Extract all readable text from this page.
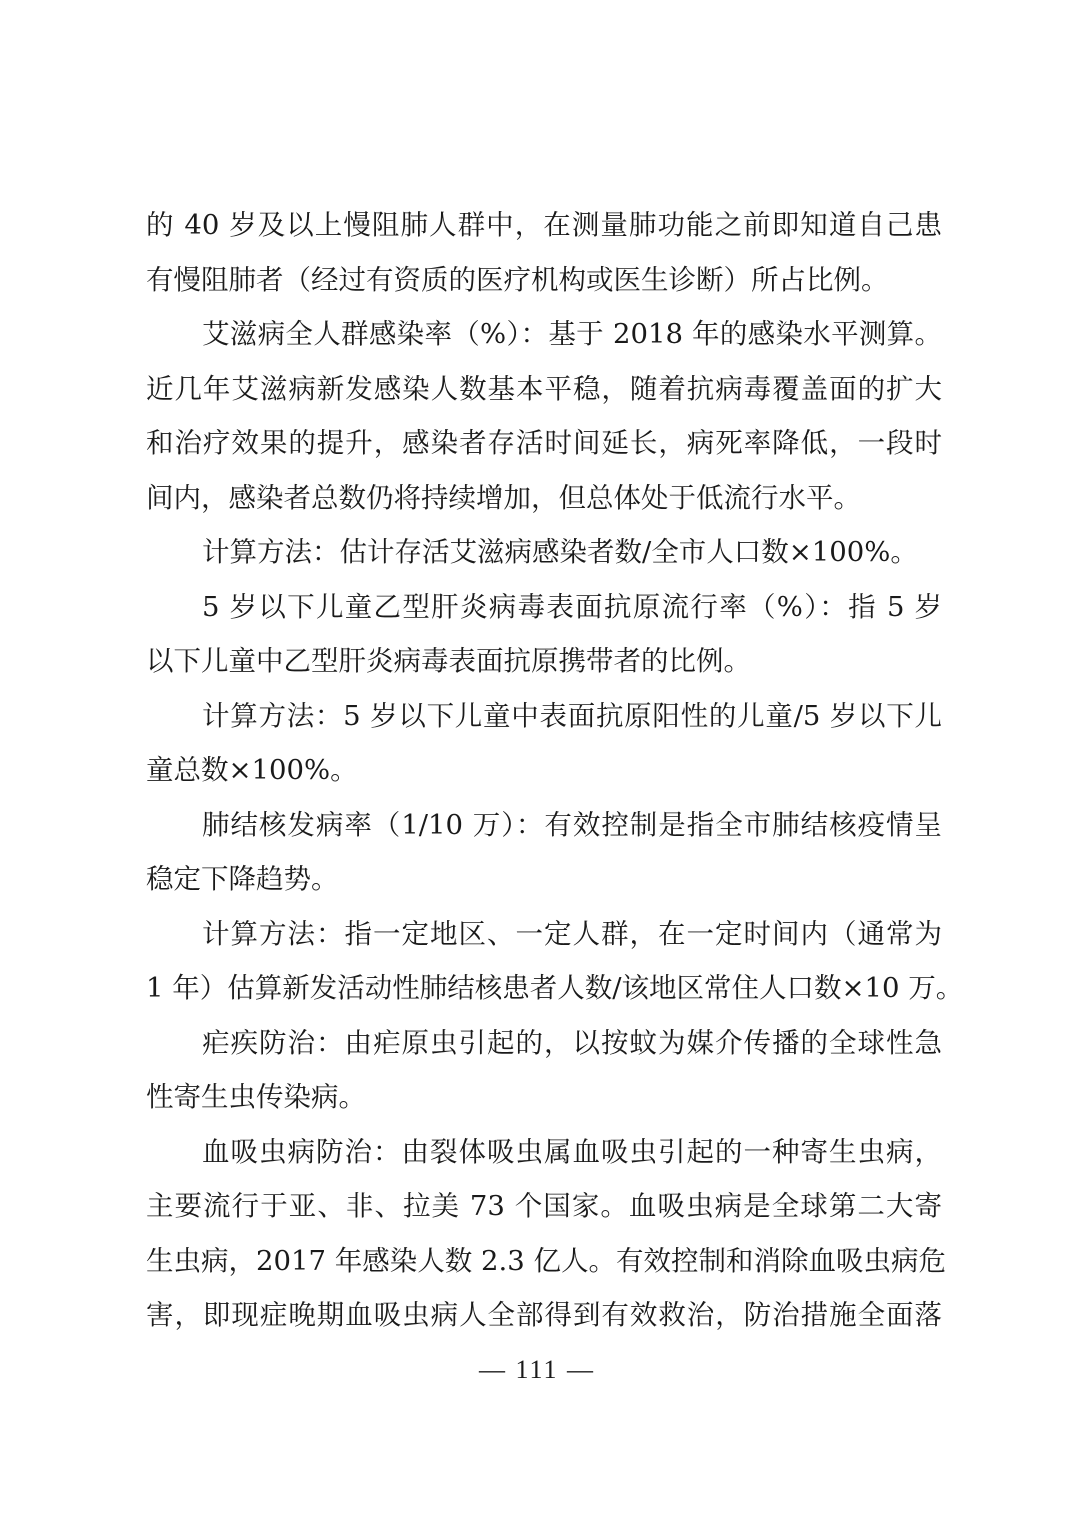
的 40 岁及以上慢阻肺人群中，在测量肺功能之前即知道自己患
有慢阻肺者（经过有资质的医疗机构或医生诊断）所占比例。
艾滋病全人群感染率（%）：基于 2018 年的感染水平测算。
近几年艾滋病新发感染人数基本平稳，随着抗病毒覆盖面的扩大
和治疗效果的提升，感染者存活时间延长，病死率降低，一段时
间内，感染者总数仍将持续增加，但总体处于低流行水平。
计算方法：估计存活艾滋病感染者数/全市人口数×100%。
5 岁以下儿童乙型肝炎病毒表面抗原流行率（%）：指 5 岁
以下儿童中乙型肝炎病毒表面抗原携带者的比例。
计算方法：5 岁以下儿童中表面抗原阳性的儿童/5 岁以下儿
童总数×100%。
肺结核发病率（1/10 万）：有效控制是指全市肺结核疫情呈
稳定下降趋势。
计算方法：指一定地区、一定人群，在一定时间内（通常为
1 年）估算新发活动性肺结核患者人数/该地区常住人口数×10 万。
疟疾防治：由疟原虫引起的，以按蚊为媒介传播的全球性急
性寄生虫传染病。
血吸虫病防治：由裂体吸虫属血吸虫引起的一种寄生虫病，
主要流行于亚、非、拉美 73 个国家。血吸虫病是全球第二大寄
生虫病，2017 年感染人数 2.3 亿人。有效控制和消除血吸虫病危
害，即现症晚期血吸虫病人全部得到有效救治，防治措施全面落
— 111 —
